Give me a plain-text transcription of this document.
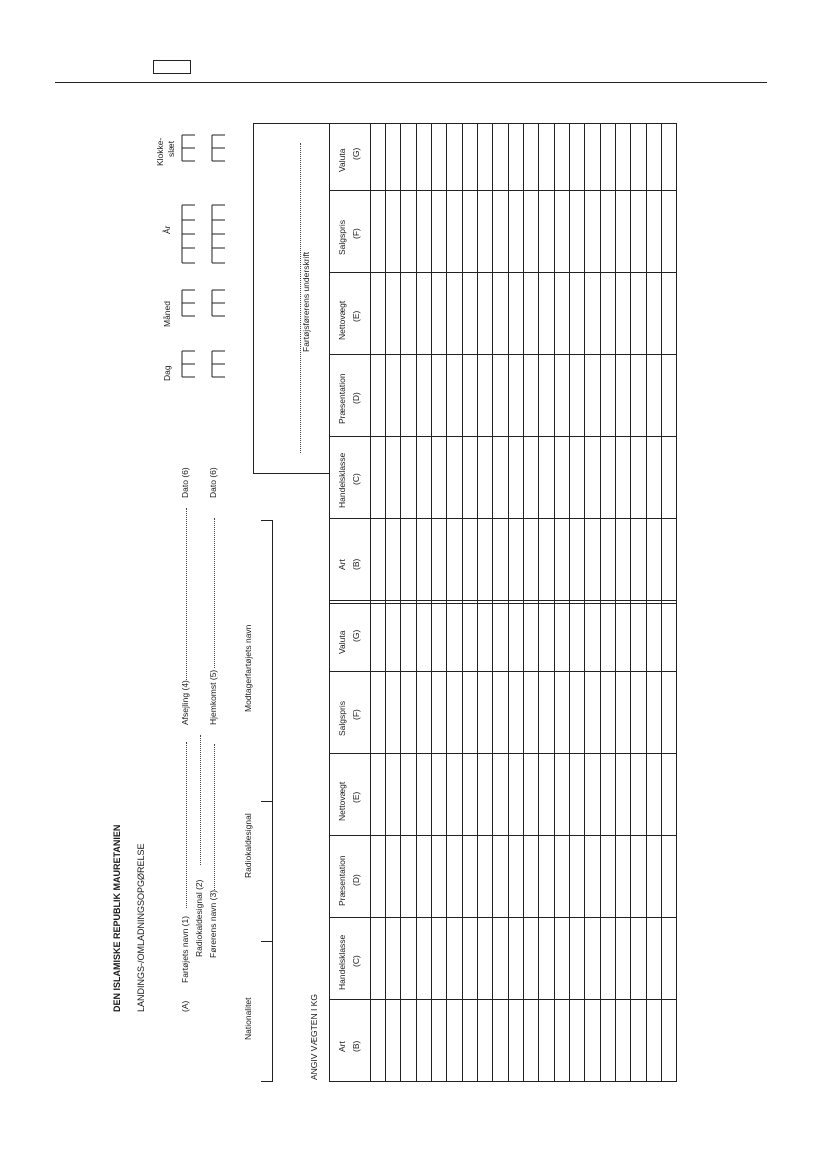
DEN ISLAMISKE REPUBLIK MAURETANIEN LANDINGS-/OMLADNINGSOPGØRELSE	(A)
Fartøjets navn (1) Radiokaldesignal (2) Førerens navn (3)
Afsejling (4) Hjemkomst (5)
Dato (6) Dato (6)
Dag
Måned
År
Klokke- slæt
Nationalitet
Radiokaldesignal
Modtagerfartøjets navn
Fartøjsførerens underskrift
ANGIV VÆGTEN I KG Art (B)
Handelsklasse (C)
Præsentation (D)
Nettovægt (E)
Salgspris (F)
Valuta (G)
Art (B)
Handelsklasse (C)
Præsentation (D)
Nettovægt (E)
Salgspris (F)
Valuta (G)
